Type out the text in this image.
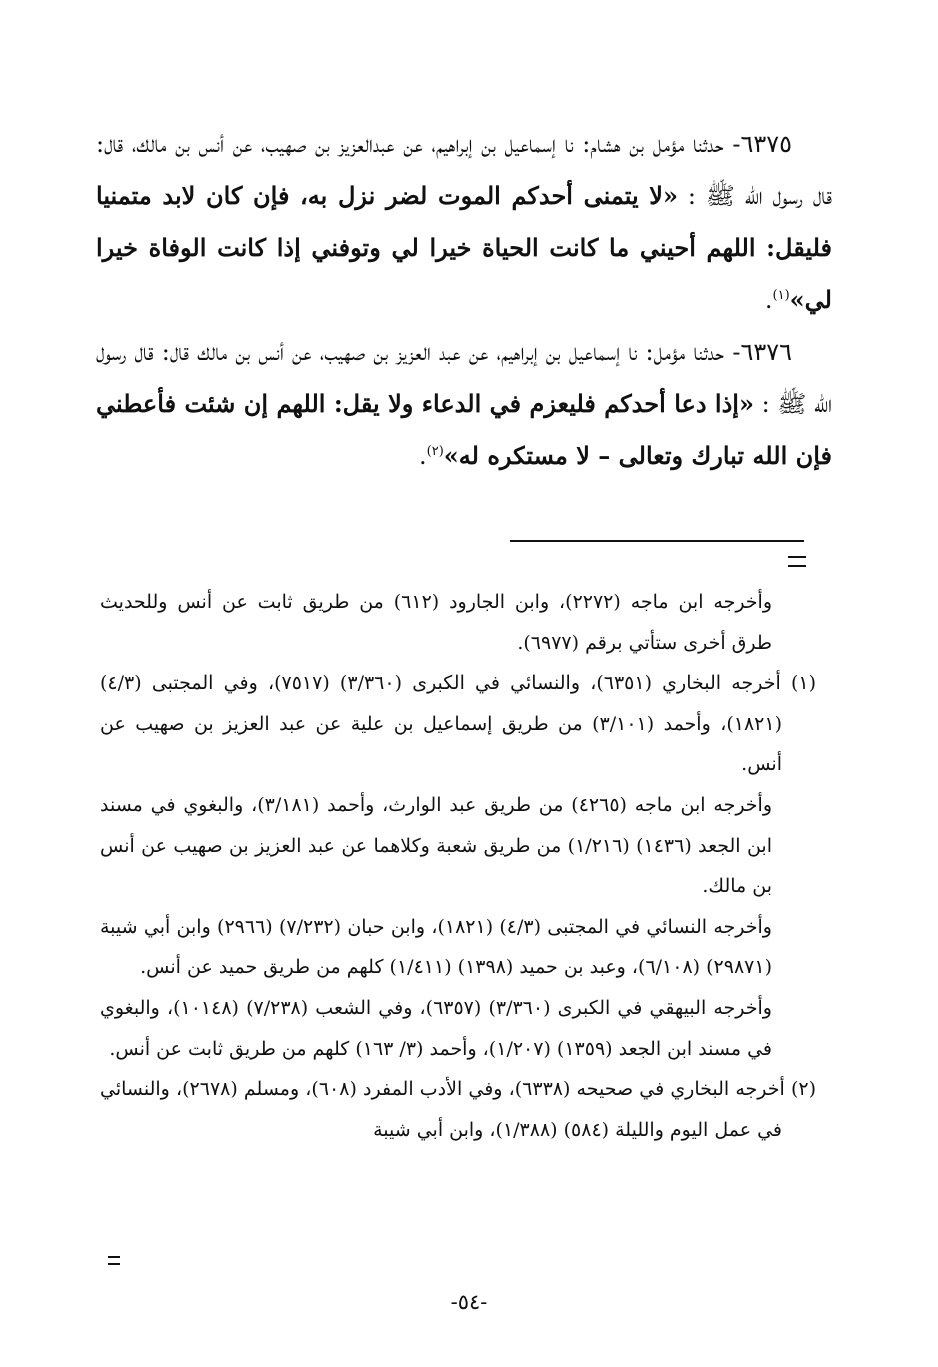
٦٣٧٥- حدثنا مؤمل بن هشام: نا إسماعيل بن إبراهيم، عن عبدالعزيز بن صهيب، عن أنس بن مالك، قال: قال رسول الله ﷺ : «لا يتمنى أحدكم الموت لضر نزل به، فإن كان لابد متمنيا فليقل: اللهم أحيني ما كانت الحياة خيرا لي وتوفني إذا كانت الوفاة خيرا لي»$^{(١)}$.

٦٣٧٦- حدثنا مؤمل: نا إسماعيل بن إبراهيم، عن عبد العزيز بن صهيب، عن أنس بن مالك قال: قال رسول الله ﷺ : «إذا دعا أحدكم فليعزم في الدعاء ولا يقل: اللهم إن شئت فأعطني فإن الله تبارك وتعالى – لا مستكره له»$^{(٢)}$.

وأخرجه ابن ماجه (٢٢٧٢)، وابن الجارود (٦١٢) من طريق ثابت عن أنس وللحديث طرق أخرى ستأتي برقم (٦٩٧٧).

(١) أخرجه البخاري (٦٣٥١)، والنسائي في الكبرى (٣/٣٦٠) (٧٥١٧)، وفي المجتبى (٤/٣) (١٨٢١)، وأحمد (٣/١٠١) من طريق إسماعيل بن علية عن عبد العزيز بن صهيب عن أنس.

وأخرجه ابن ماجه (٤٢٦٥) من طريق عبد الوارث، وأحمد (٣/١٨١)، والبغوي في مسند ابن الجعد (١٤٣٦) (١/٢١٦) من طريق شعبة وكلاهما عن عبد العزيز بن صهيب عن أنس بن مالك.

وأخرجه النسائي في المجتبى (٤/٣) (١٨٢١)، وابن حبان (٧/٢٣٢) (٢٩٦٦) وابن أبي شيبة (٢٩٨٧١) (٦/١٠٨)، وعبد بن حميد (١٣٩٨) (١/٤١١) كلهم من طريق حميد عن أنس.

وأخرجه البيهقي في الكبرى (٣/٣٦٠) (٦٣٥٧)، وفي الشعب (٧/٢٣٨) (١٠١٤٨)، والبغوي في مسند ابن الجعد (١٣٥٩) (١/٢٠٧)، وأحمد (٣/ ١٦٣) كلهم من طريق ثابت عن أنس.

(٢) أخرجه البخاري في صحيحه (٦٣٣٨)، وفي الأدب المفرد (٦٠٨)، ومسلم (٢٦٧٨)، والنسائي في عمل اليوم والليلة (٥٨٤) (١/٣٨٨)، وابن أبي شيبة

-٥٤-
